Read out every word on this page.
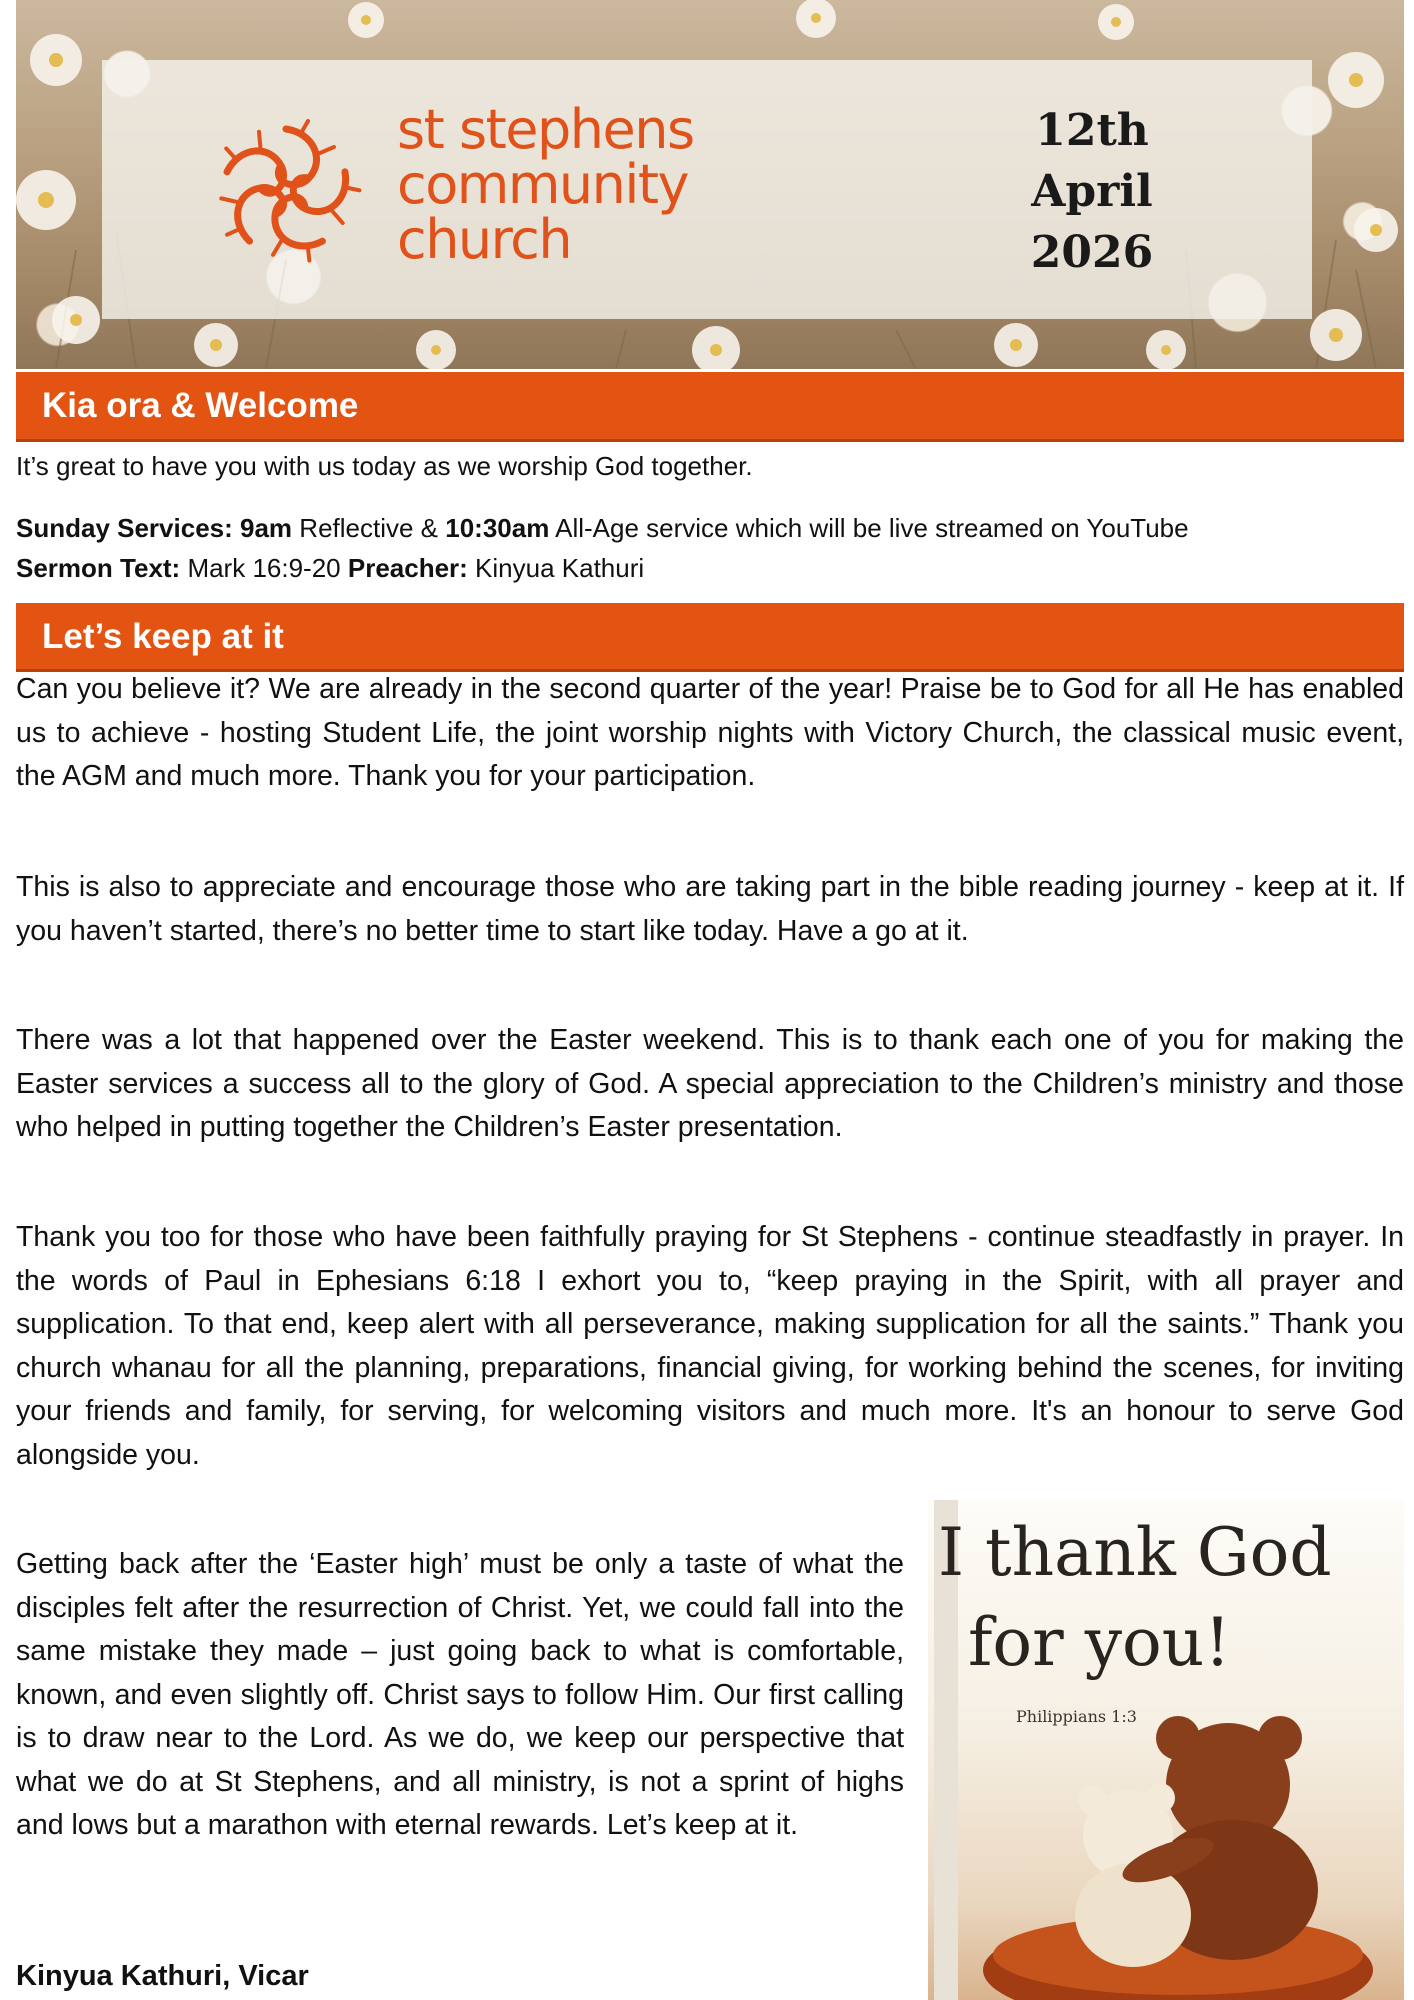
st stephens
community
church
12th
April
2026
Kia ora & Welcome

It’s great to have you with us today as we worship God together.

Sunday Services: 9am Reflective & 10:30am All-Age service which will be live streamed on YouTube

Sermon Text: Mark 16:9-20 Preacher: Kinyua Kathuri

Let’s keep at it

Can you believe it? We are already in the second quarter of the year! Praise be to God for all He has enabled us to achieve - hosting Student Life, the joint worship nights with Victory Church, the classical music event, the AGM and much more. Thank you for your participation.

This is also to appreciate and encourage those who are taking part in the bible reading journey - keep at it. If you haven’t started, there’s no better time to start like today. Have a go at it.

There was a lot that happened over the Easter weekend. This is to thank each one of you for making the Easter services a success all to the glory of God. A special appreciation to the Children’s ministry and those who helped in putting together the Children’s Easter presentation.

Thank you too for those who have been faithfully praying for St Stephens - continue steadfastly in prayer. In the words of Paul in Ephesians 6:18 I exhort you to, “keep praying in the Spirit, with all prayer and supplication. To that end, keep alert with all perseverance, making supplication for all the saints.” Thank you church whanau for all the planning, preparations, financial giving, for working behind the scenes, for inviting your friends and family, for serving, for welcoming visitors and much more. It's an honour to serve God alongside you.

Getting back after the ‘Easter high’ must be only a taste of what the disciples felt after the resurrection of Christ. Yet, we could fall into the same mistake they made – just going back to what is comfortable, known, and even slightly off. Christ says to follow Him. Our first calling is to draw near to the Lord. As we do, we keep our perspective that what we do at St Stephens, and all ministry, is not a sprint of highs and lows but a marathon with eternal rewards. Let’s keep at it.

Kinyua Kathuri, Vicar

I thank God
for you!
Philippians 1:3
